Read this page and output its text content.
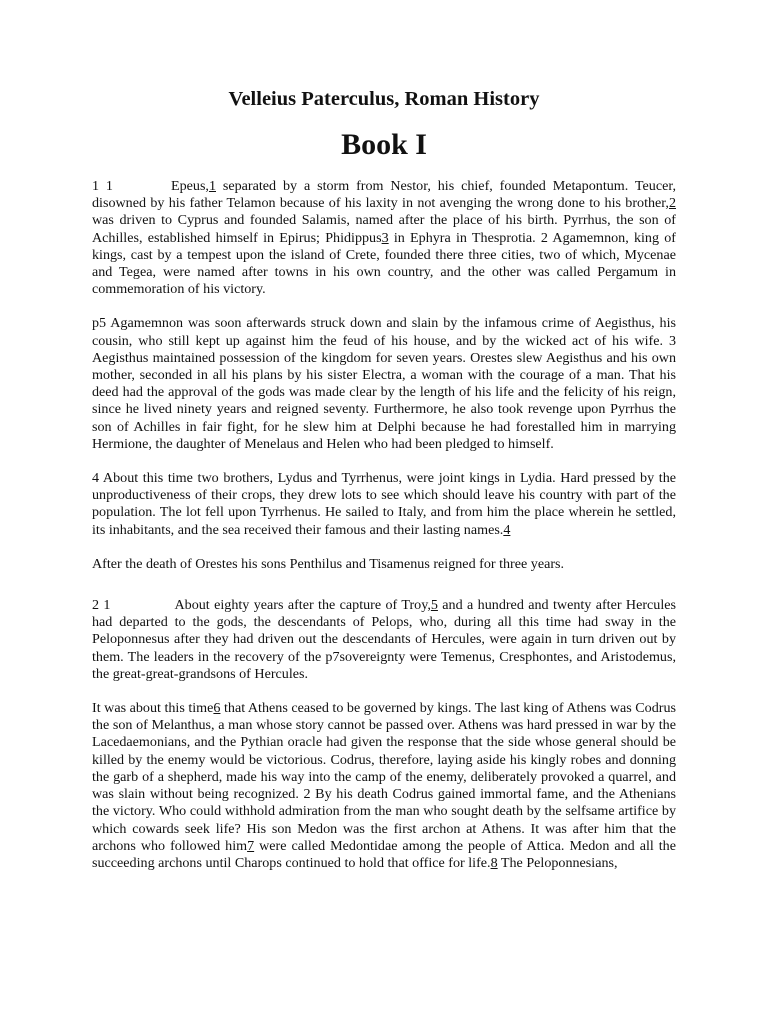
Velleius Paterculus, Roman History
Book I

1 1	Epeus,1 separated by a storm from Nestor, his chief, founded Metapontum. Teucer, disowned by his father Telamon because of his laxity in not avenging the wrong done to his brother,2 was driven to Cyprus and founded Salamis, named after the place of his birth. Pyrrhus, the son of Achilles, established himself in Epirus; Phidippus3 in Ephyra in Thesprotia. 2 Agamemnon, king of kings, cast by a tempest upon the island of Crete, founded there three cities, two of which, Mycenae and Tegea, were named after towns in his own country, and the other was called Pergamum in commemoration of his victory.

p5 Agamemnon was soon afterwards struck down and slain by the infamous crime of Aegisthus, his cousin, who still kept up against him the feud of his house, and by the wicked act of his wife. 3 Aegisthus maintained possession of the kingdom for seven years. Orestes slew Aegisthus and his own mother, seconded in all his plans by his sister Electra, a woman with the courage of a man. That his deed had the approval of the gods was made clear by the length of his life and the felicity of his reign, since he lived ninety years and reigned seventy. Furthermore, he also took revenge upon Pyrrhus the son of Achilles in fair fight, for he slew him at Delphi because he had forestalled him in marrying Hermione, the daughter of Menelaus and Helen who had been pledged to himself.

4 About this time two brothers, Lydus and Tyrrhenus, were joint kings in Lydia. Hard pressed by the unproductiveness of their crops, they drew lots to see which should leave his country with part of the population. The lot fell upon Tyrrhenus. He sailed to Italy, and from him the place wherein he settled, its inhabitants, and the sea received their famous and their lasting names.4

After the death of Orestes his sons Penthilus and Tisamenus reigned for three years.

2 1	About eighty years after the capture of Troy,5 and a hundred and twenty after Hercules had departed to the gods, the descendants of Pelops, who, during all this time had sway in the Peloponnesus after they had driven out the descendants of Hercules, were again in turn driven out by them. The leaders in the recovery of the p7sovereignty were Temenus, Cresphontes, and Aristodemus, the great-great-grandsons of Hercules.

It was about this time6 that Athens ceased to be governed by kings. The last king of Athens was Codrus the son of Melanthus, a man whose story cannot be passed over. Athens was hard pressed in war by the Lacedaemonians, and the Pythian oracle had given the response that the side whose general should be killed by the enemy would be victorious. Codrus, therefore, laying aside his kingly robes and donning the garb of a shepherd, made his way into the camp of the enemy, deliberately provoked a quarrel, and was slain without being recognized. 2 By his death Codrus gained immortal fame, and the Athenians the victory. Who could withhold admiration from the man who sought death by the selfsame artifice by which cowards seek life? His son Medon was the first archon at Athens. It was after him that the archons who followed him7 were called Medontidae among the people of Attica. Medon and all the succeeding archons until Charops continued to hold that office for life.8 The Peloponnesians,
